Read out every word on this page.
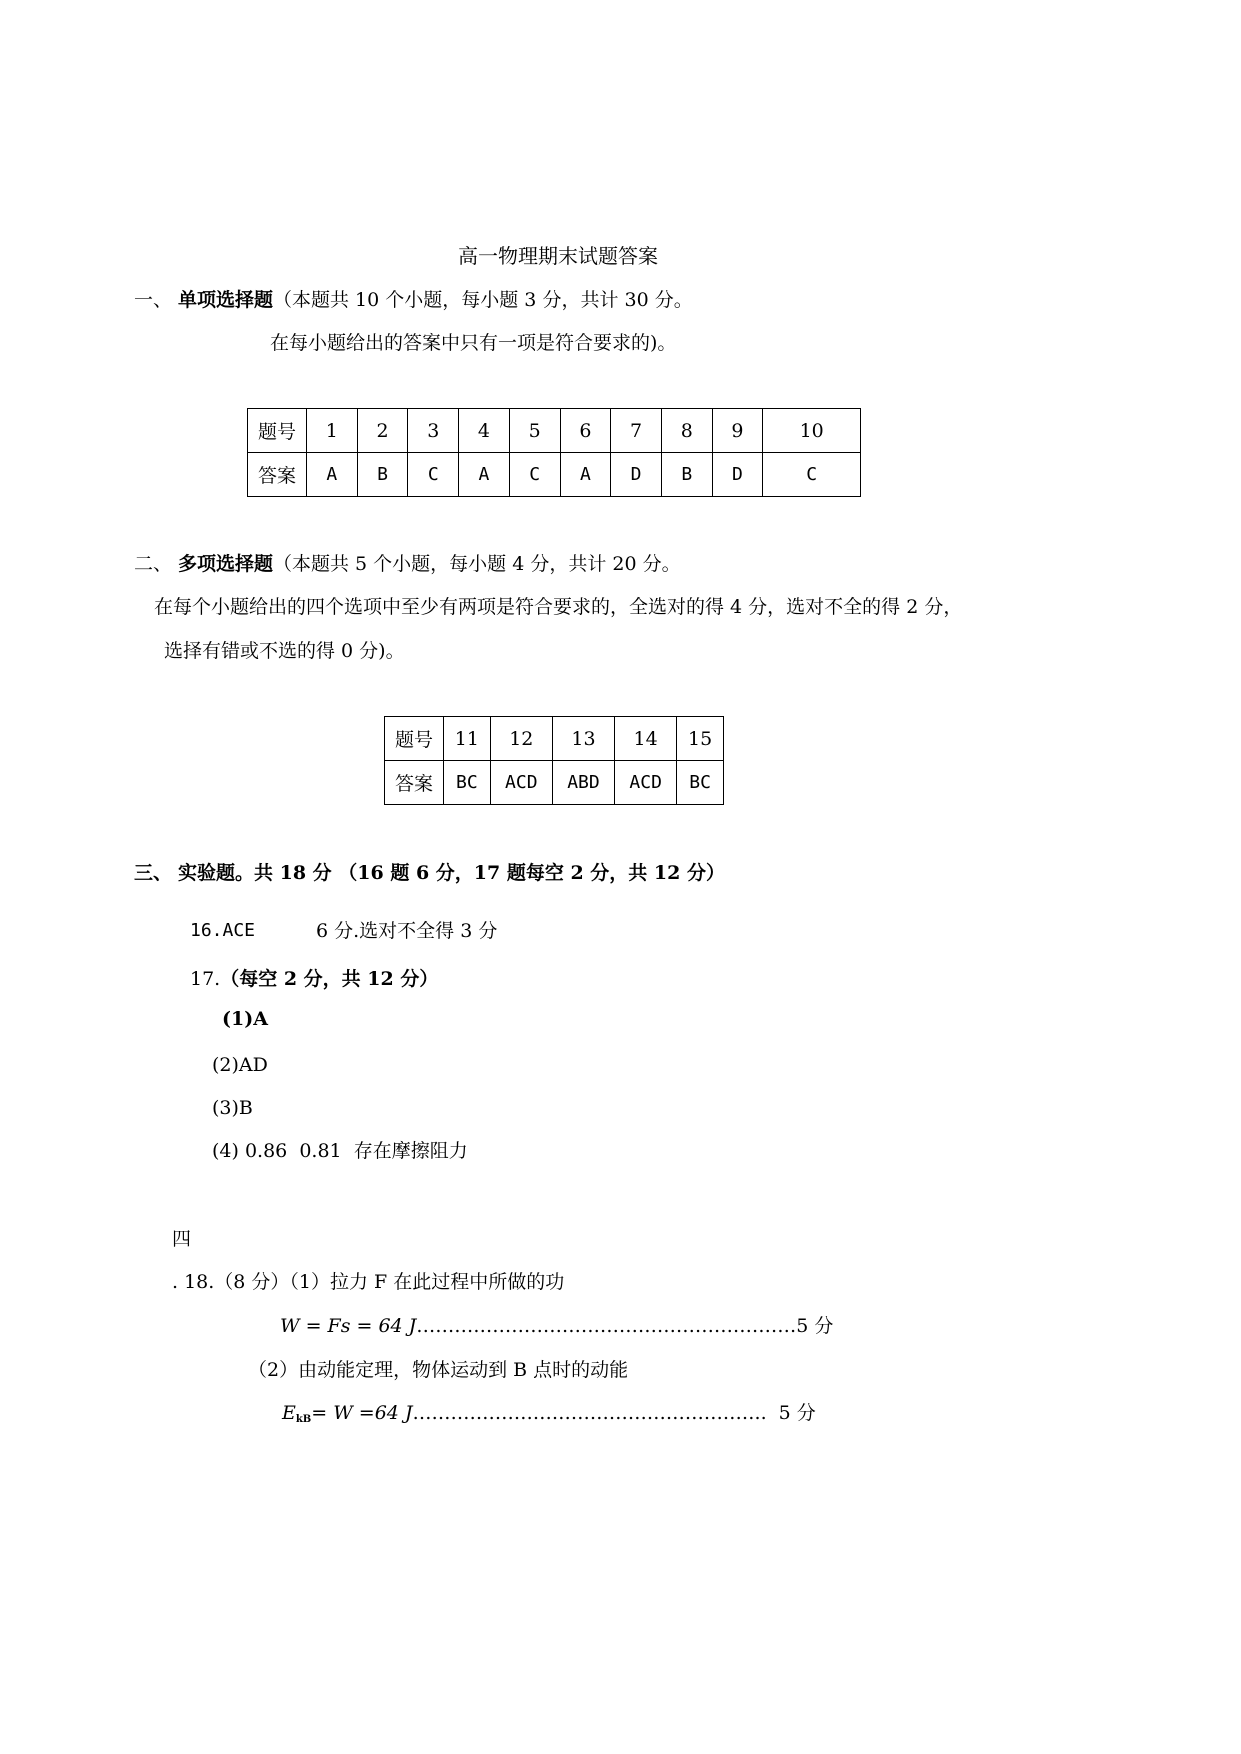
高一物理期末试题答案
一、 单项选择题（本题共 10 个小题，每小题 3 分，共计 30 分。
在每小题给出的答案中只有一项是符合要求的)。
题号	1	2	3	4	5	6	7	8	9	10
答案	A	B	C	A	C	A	D	B	D	C
二、 多项选择题（本题共 5 个小题，每小题 4 分，共计 20 分。
在每个小题给出的四个选项中至少有两项是符合要求的，全选对的得 4 分，选对不全的得 2 分，
选择有错或不选的得 0 分)。
题号	11	12	13	14	15
答案	BC	ACD	ABD	ACD	BC
三、 实验题。共 18 分 （16 题 6 分，17 题每空 2 分，共 12 分）
16.ACE	6 分.选对不全得 3 分
17.（每空 2 分，共 12 分）
(1)A
(2)AD
(3)B
(4) 0.86  0.81  存在摩擦阻力
四
. 18.（8 分）（1）拉力 F 在此过程中所做的功
W = Fs = 64 J……………………………………………………5 分
（2）由动能定理，物体运动到 B 点时的动能
$E_{kB}= W =64$ J……………………………………………….. 5 分
